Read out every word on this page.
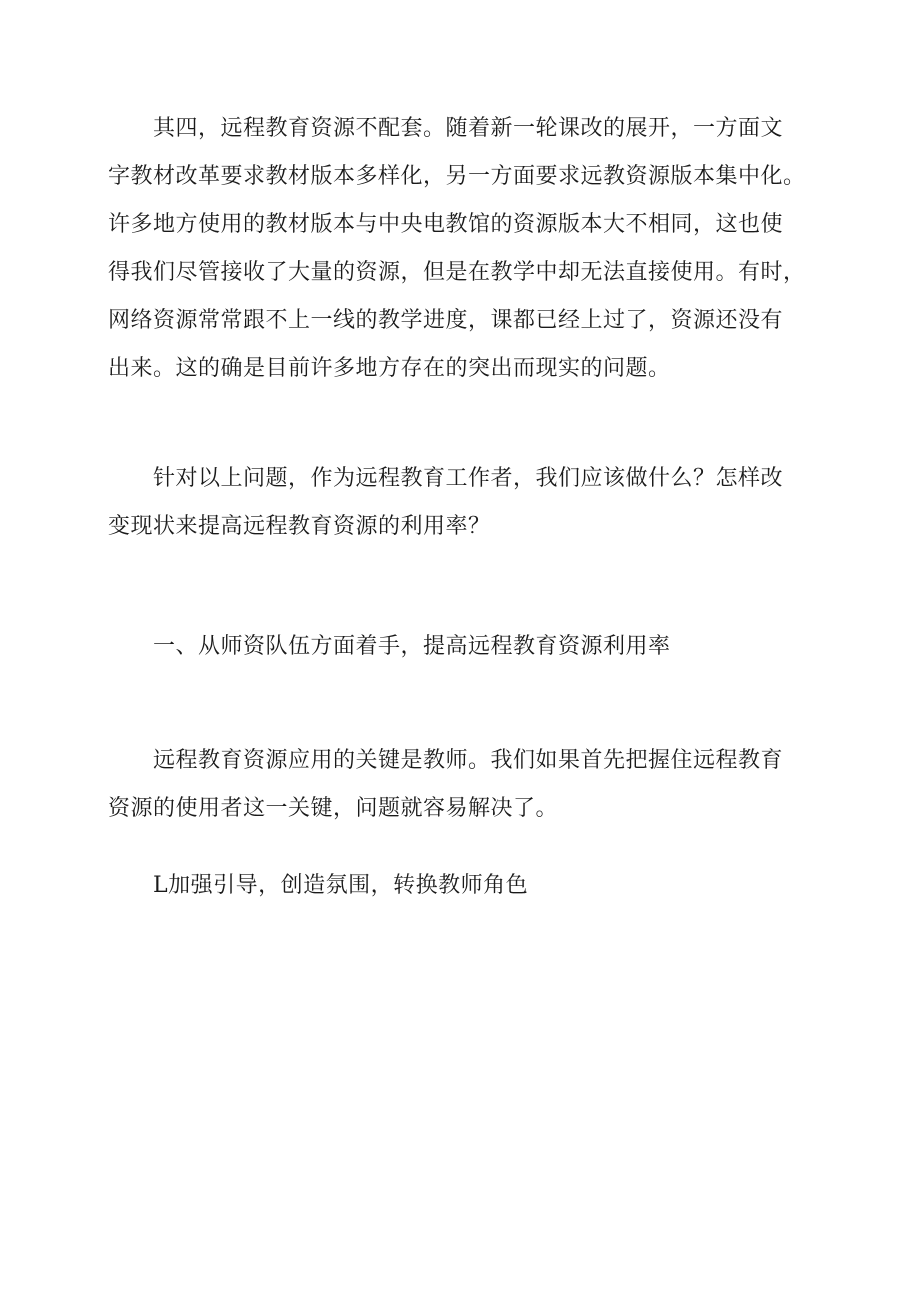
其四，远程教育资源不配套。随着新一轮课改的展开，一方面文
字教材改革要求教材版本多样化，另一方面要求远教资源版本集中化。
许多地方使用的教材版本与中央电教馆的资源版本大不相同，这也使
得我们尽管接收了大量的资源，但是在教学中却无法直接使用。有时，
网络资源常常跟不上一线的教学进度，课都已经上过了，资源还没有
出来。这的确是目前许多地方存在的突出而现实的问题。
针对以上问题，作为远程教育工作者，我们应该做什么？怎样改
变现状来提高远程教育资源的利用率？
一、从师资队伍方面着手，提高远程教育资源利用率
远程教育资源应用的关键是教师。我们如果首先把握住远程教育
资源的使用者这一关键，问题就容易解决了。
L加强引导，创造氛围，转换教师角色
